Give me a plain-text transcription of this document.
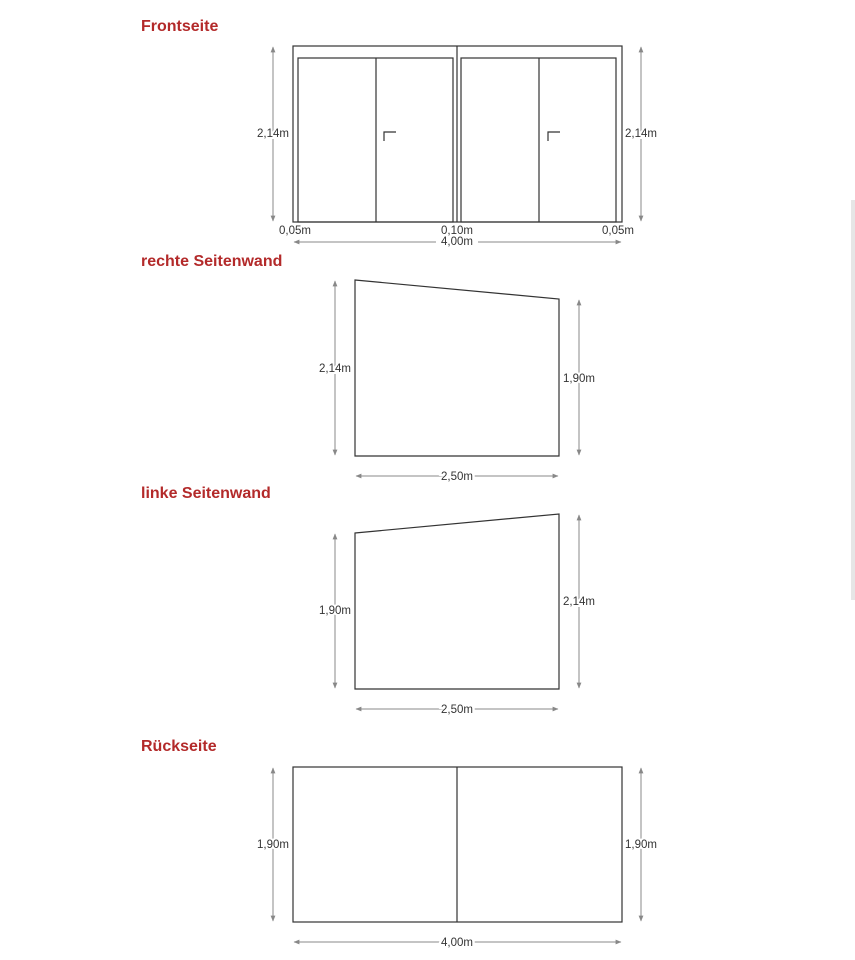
Frontseite
rechte Seitenwand
linke Seitenwand
Rückseite
2,14m	2,14m
0,05m	0,10m	0,05m
4,00m
2,14m
1,90m
2,50m
1,90m
2,14m
2,50m
1,90m	1,90m
4,00m
